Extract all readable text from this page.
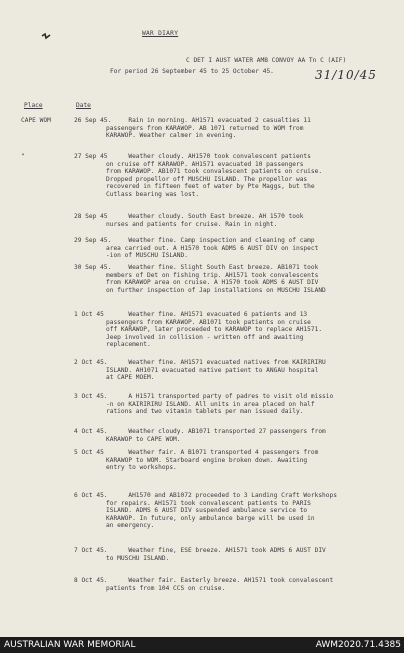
WAR DIARY
C DET I AUST WATER AMB CONVOY AA Tn C (AIF)
For period 26 September 45 to 25 October 45.	31/10/45
Place	Date
CAPE WOM	26 Sep 45.
Rain in morning. AH1571 evacuated 2 casualties 11
passengers from KARAWOP. AB 1071 returned to WOM from
KARAWOP. Weather calmer in evening.
"	27 Sep 45
Weather cloudy. AH1570 took convalescent patients
on cruise off KARAWOP. AH1571 evacuated 10 passengers
from KARAWOP. AB1071 took convalescent patients on cruise.
Dropped propellor off MUSCHU ISLAND. The propellor was
recovered in fifteen feet of water by Pte Maggs, but the
Cutlass bearing was lost.
28 Sep 45
Weather cloudy. South East breeze. AH 1570 took
nurses and patients for cruise. Rain in night.
29 Sep 45.
Weather fine. Camp inspection and cleaning of camp
area carried out. A H1570 took ADMS 6 AUST DIV on inspect
-ion of MUSCHU ISLAND.
30 Sep 45.
Weather fine. Slight South East breeze. AB1071 took
members of Det on fishing trip. AH1571 took convalescents
from KARAWOP area on cruise. A H1570 took ADMS 6 AUST DIV
on further inspection of Jap installations on MUSCHU ISLAND
1 Oct 45 Weather fine. AH1571 evacuated 6 patients and 13
passengers from KARAWOP. AB1071 took patients on cruise
off KARAWOP, later proceeded to KARAWOP to replace AH1571.
Jeep involved in collision - written off and awaiting
replacement.
2 Oct 45.
Weather fine. AH1571 evacuated natives from KAIRIRIRU
ISLAND. AH1071 evacuated native patient to ANGAU hospital
at CAPE MOEM.
3 Oct 45.
A H1571 transported party of padres to visit old missio
-n on KAIRIRIRU ISLAND. All units in area placed on half
rations and two vitamin tablets per man issued daily.
4 Oct 45.
Weather cloudy. AB1071 transported 27 passengers from
KARAWOP to CAPE WOM.
5 Oct 45 Weather fair. A B1071 transported 4 passengers from
KARAWOP to WOM. Starboard engine broken down. Awaiting
entry to workshops.
6 Oct 45.
AH1570 and AB1072 proceeded to 3 Landing Craft Workshops
for repairs. AH1571 took convalescent patients to PARIS
ISLAND. ADMS 6 AUST DIV suspended ambulance service to
KARAWOP. In future, only ambulance barge will be used in
an emergency.
7 Oct 45.
Weather fine, ESE breeze. AH1571 took ADMS 6 AUST DIV
to MUSCHU ISLAND.
8 Oct 45.
Weather fair. Easterly breeze. AH1571 took convalescent
patients from 104 CCS on cruise.
AUSTRALIAN WAR MEMORIAL	AWM2020.71.4385
